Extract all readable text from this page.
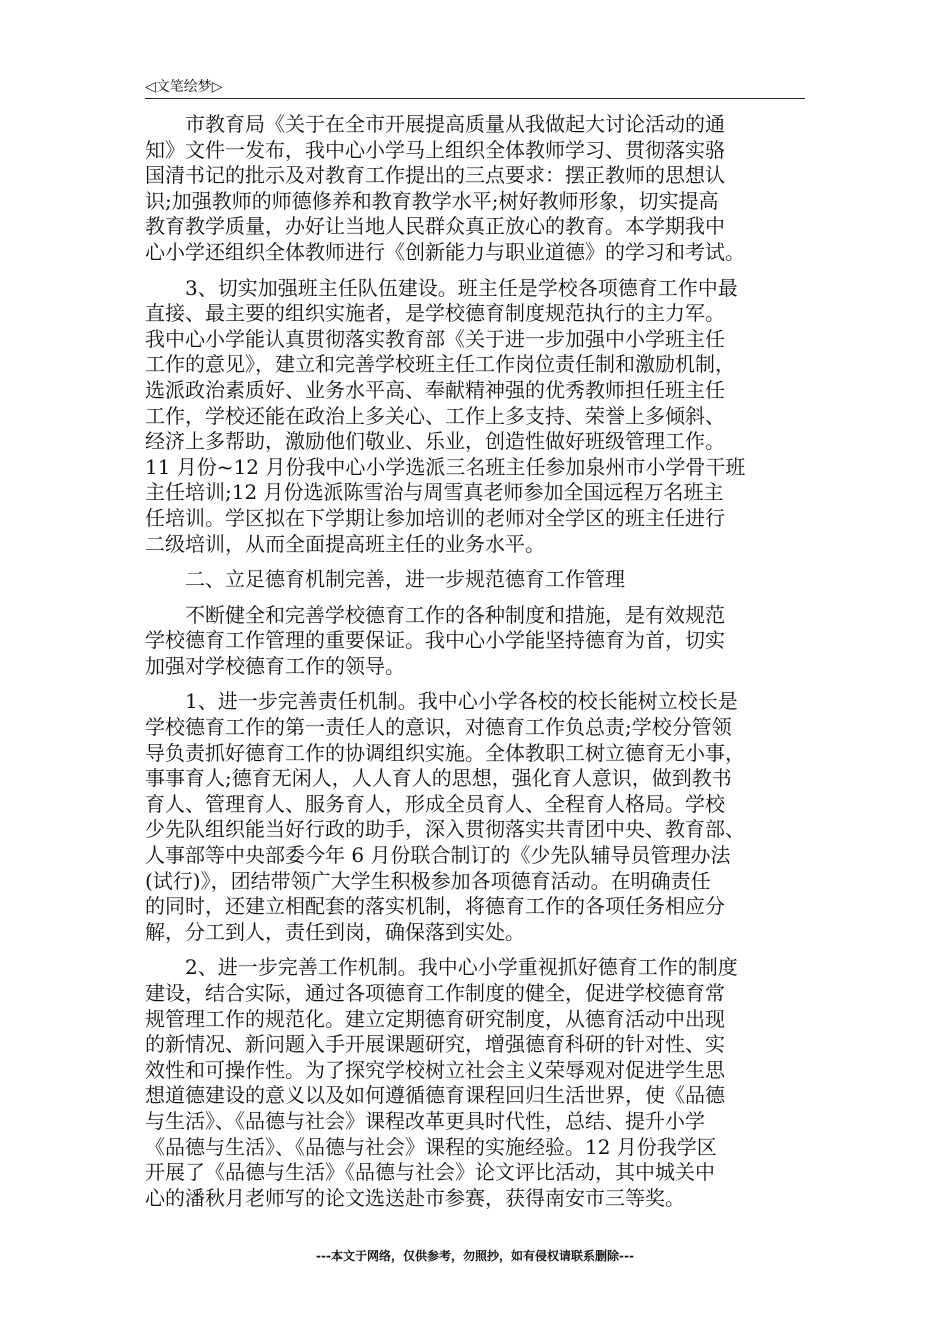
◁文笔绘梦▷

市教育局《关于在全市开展提高质量从我做起大讨论活动的通
知》文件一发布，我中心小学马上组织全体教师学习、贯彻落实骆
国清书记的批示及对教育工作提出的三点要求：摆正教师的思想认
识;加强教师的师德修养和教育教学水平;树好教师形象，切实提高
教育教学质量，办好让当地人民群众真正放心的教育。本学期我中
心小学还组织全体教师进行《创新能力与职业道德》的学习和考试。

3、切实加强班主任队伍建设。班主任是学校各项德育工作中最
直接、最主要的组织实施者，是学校德育制度规范执行的主力军。
我中心小学能认真贯彻落实教育部《关于进一步加强中小学班主任
工作的意见》，建立和完善学校班主任工作岗位责任制和激励机制，
选派政治素质好、业务水平高、奉献精神强的优秀教师担任班主任
工作，学校还能在政治上多关心、工作上多支持、荣誉上多倾斜、
经济上多帮助，激励他们敬业、乐业，创造性做好班级管理工作。
11 月份~12 月份我中心小学选派三名班主任参加泉州市小学骨干班
主任培训;12 月份选派陈雪治与周雪真老师参加全国远程万名班主
任培训。学区拟在下学期让参加培训的老师对全学区的班主任进行
二级培训，从而全面提高班主任的业务水平。

二、立足德育机制完善，进一步规范德育工作管理

不断健全和完善学校德育工作的各种制度和措施，是有效规范
学校德育工作管理的重要保证。我中心小学能坚持德育为首，切实
加强对学校德育工作的领导。

1、进一步完善责任机制。我中心小学各校的校长能树立校长是
学校德育工作的第一责任人的意识，对德育工作负总责;学校分管领
导负责抓好德育工作的协调组织实施。全体教职工树立德育无小事，
事事育人;德育无闲人，人人育人的思想，强化育人意识，做到教书
育人、管理育人、服务育人，形成全员育人、全程育人格局。学校
少先队组织能当好行政的助手，深入贯彻落实共青团中央、教育部、
人事部等中央部委今年 6 月份联合制订的《少先队辅导员管理办法
(试行)》，团结带领广大学生积极参加各项德育活动。在明确责任
的同时，还建立相配套的落实机制，将德育工作的各项任务相应分
解，分工到人，责任到岗，确保落到实处。

2、进一步完善工作机制。我中心小学重视抓好德育工作的制度
建设，结合实际，通过各项德育工作制度的健全，促进学校德育常
规管理工作的规范化。建立定期德育研究制度，从德育活动中出现
的新情况、新问题入手开展课题研究，增强德育科研的针对性、实
效性和可操作性。为了探究学校树立社会主义荣辱观对促进学生思
想道德建设的意义以及如何遵循德育课程回归生活世界，使《品德
与生活》、《品德与社会》课程改革更具时代性，总结、提升小学
《品德与生活》、《品德与社会》课程的实施经验。12 月份我学区
开展了《品德与生活》《品德与社会》论文评比活动，其中城关中
心的潘秋月老师写的论文选送赴市参赛，获得南安市三等奖。

---本文于网络，仅供参考，勿照抄，如有侵权请联系删除---
